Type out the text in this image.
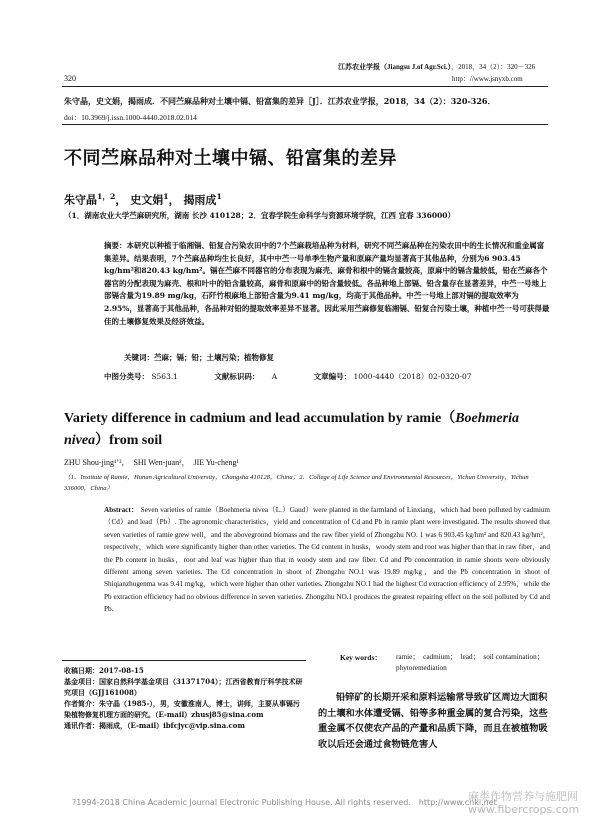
320
江苏农业学报（Jiangsu J.of Agr.Sci.），2018，34（2）：320－326
http：//www.jsnyxb.com
朱守晶，史文娟，揭雨成．不同苎麻品种对土壤中镉、铅富集的差异［J］．江苏农业学报，2018，34（2）：320-326．
doi：10.3969/j.issn.1000-4440.2018.02.014
不同苎麻品种对土壤中镉、铅富集的差异
朱守晶$^{1,2}$， 史文娟$^1$， 揭雨成$^1$
（1．湖南农业大学苎麻研究所，湖南 长沙 410128；2．宜春学院生命科学与资源环境学院，江西 宜春 336000）
摘要：本研究以种植于临湘镉、铅复合污染农田中的7个苎麻栽培品种为材料，研究不同苎麻品种在污染农田中的生长情况和重金属富集差异。结果表明，7个苎麻品种均生长良好，其中中苎一号单季生物产量和原麻产量均显著高于其他品种，分别为6 903.45 kg/hm²和820.43 kg/hm²。镉在苎麻不同器官的分布表现为麻壳、麻骨和根中的镉含量较高，原麻中的镉含量较低，铅在苎麻各个器官的分配表现为麻壳、根和叶中的铅含量较高，麻骨和原麻中的铅含量较低。各品种地上部镉、铅含量存在显著差异，中苎一号地上部镉含量为19.89 mg/kg，石阡竹根麻地上部铅含量为9.41 mg/kg，均高于其他品种。中苎一号地上部对镉的提取效率为2.95%，显著高于其他品种，各品种对铅的提取效率差异不显著。因此采用苎麻修复临湘镉、铅复合污染土壤，种植中苎一号可获得最佳的土壤修复效果及经济效益。
关键词：苎麻；镉；铅；土壤污染；植物修复
中图分类号： S563.1	文献标识码： A	文章编号： 1000-4440（2018）02-0320-07
Variety difference in cadmium and lead accumulation by ramie（Boehmeria nivea）from soil
ZHU Shou-jing¹ʼ²，　SHI Wen-juan²，　JIE Yu-cheng¹
（1．Institute of Ramie，Hunan Agricultural University，Changsha 410128，China；2．College of Life Science and Environmental Resources，Yichun University，Yichun 336000，China）
Abstract： Seven varieties of ramie（Boehmeria nivea（L.）Gaud）were planted in the farmland of Linxiang，which had been polluted by cadmium（Cd）and lead（Pb）. The agronomic characteristics，yield and concentration of Cd and Pb in ramie plant were investigated. The results showed that seven varieties of ramie grew well，and the aboveground biomass and the raw fiber yield of Zhongzhu NO. 1 was 6 903.45 kg/hm² and 820.43 kg/hm²，respectively，which were significantly higher than other varieties. The Cd content in husks，woody stem and root was higher than that in raw fiber，and the Pb content in husks，root and leaf was higher than that in woody stem and raw fiber. Cd and Pb concentration in ramie shoots were obviously different among seven varieties. The Cd concentration in shoot of Zhongzhu NO.1 was 19.89 mg/kg，and the Pb concentration in shoot of Shiqianzhugenma was 9.41 mg/kg，which were higher than other varieties. Zhongzhu NO.1 had the highest Cd extraction efficiency of 2.95%，while the Pb extraction efficiency had no obvious difference in seven varieties. Zhongzhu NO.1 produces the greatest repairing effect on the soil polluted by Cd and Pb.
Key words： ramie；　cadmium；　lead；　soil contamination；　phytoremediation
收稿日期：2017-08-15
基金项目：国家自然科学基金项目（31371704）；江西省教育厅科学技术研究项目（GJJ161008）
作者简介：朱守晶（1985-），男，安徽淮南人，博士，讲师，主要从事镉污染植物修复机理方面的研究。（E-mail）zhusj85@sina.com
通讯作者：揭雨成，（E-mail）ibfcjyc@vip.sina.com
铅锌矿的长期开采和原料运输常导致矿区周边大面积的土壤和水体遭受镉、铅等多种重金属的复合污染，这些重金属不仅使农产品的产量和品质下降，而且在被植物吸收以后还会通过食物链危害人
?1994-2018 China Academic Journal Electronic Publishing House. All rights reserved.　http://www.cnki.net
麻类作物营养与施肥网
www.fibercrops.com
